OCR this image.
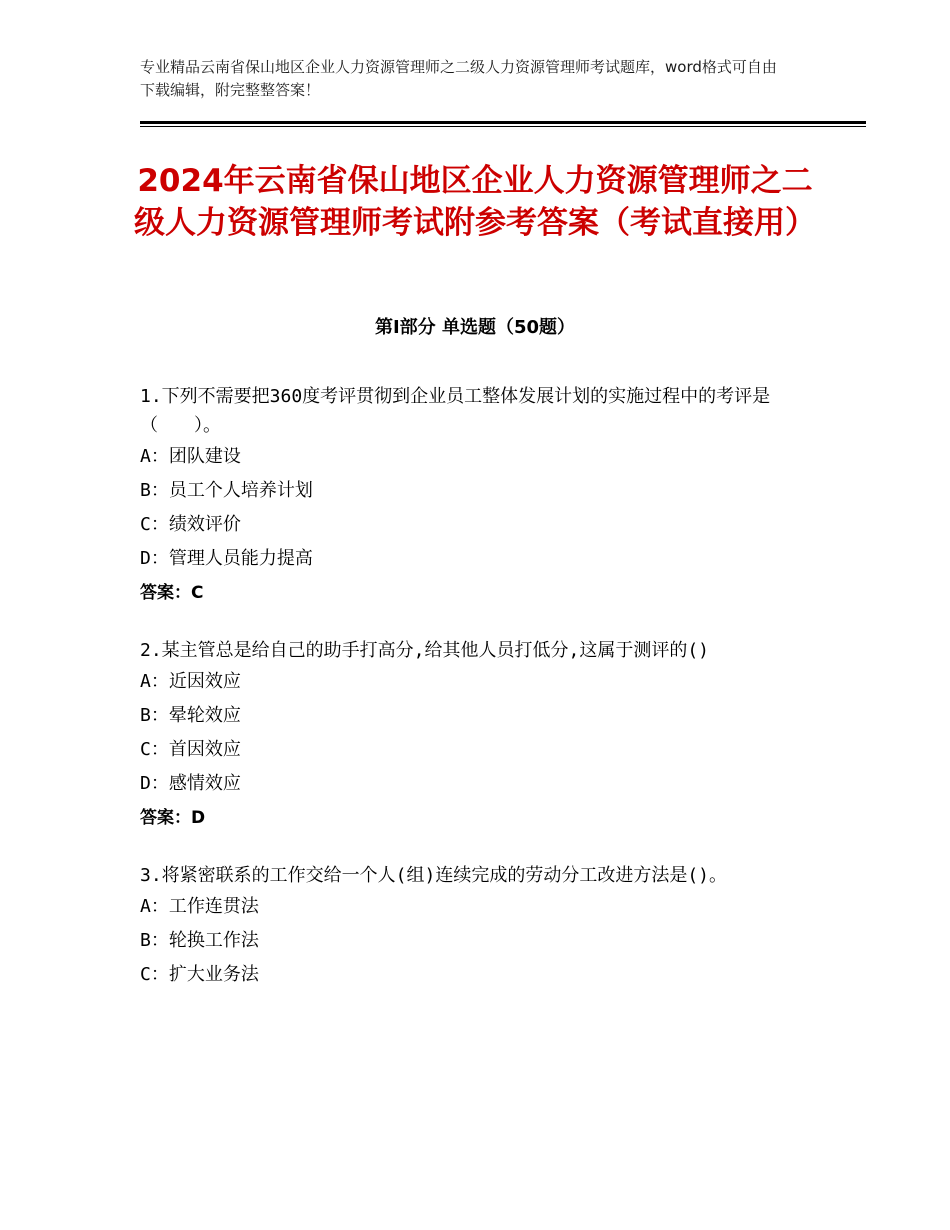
专业精品云南省保山地区企业人力资源管理师之二级人力资源管理师考试题库，word格式可自由下载编辑，附完整整答案！
2024年云南省保山地区企业人力资源管理师之二级人力资源管理师考试附参考答案（考试直接用）
第Ⅰ部分 单选题（50题）

1.下列不需要把360度考评贯彻到企业员工整体发展计划的实施过程中的考评是（　　）。

A：团队建设

B：员工个人培养计划

C：绩效评价

D：管理人员能力提高

答案：C

2.某主管总是给自己的助手打高分,给其他人员打低分,这属于测评的()

A：近因效应

B：晕轮效应

C：首因效应

D：感情效应

答案：D

3.将紧密联系的工作交给一个人(组)连续完成的劳动分工改进方法是()。

A：工作连贯法

B：轮换工作法

C：扩大业务法
